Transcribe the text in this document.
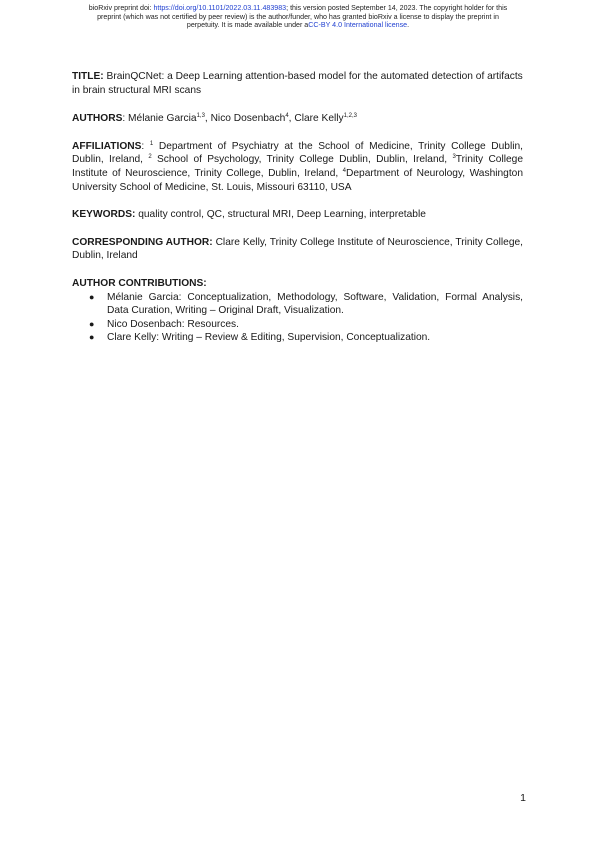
bioRxiv preprint doi: https://doi.org/10.1101/2022.03.11.483983; this version posted September 14, 2023. The copyright holder for this
preprint (which was not certified by peer review) is the author/funder, who has granted bioRxiv a license to display the preprint in
perpetuity. It is made available under aCC-BY 4.0 International license.

TITLE: BrainQCNet: a Deep Learning attention-based model for the automated detection of artifacts in brain structural MRI scans

AUTHORS: Mélanie Garcia$^{1,3}$, Nico Dosenbach$^4$, Clare Kelly$^{1,2,3}$

AFFILIATIONS: $^1$ Department of Psychiatry at the School of Medicine, Trinity College Dublin, Dublin, Ireland, $^2$ School of Psychology, Trinity College Dublin, Dublin, Ireland, $^3$Trinity College Institute of Neuroscience, Trinity College, Dublin, Ireland, $^4$Department of Neurology, Washington University School of Medicine, St. Louis, Missouri 63110, USA

KEYWORDS: quality control, QC, structural MRI, Deep Learning, interpretable

CORRESPONDING AUTHOR: Clare Kelly, Trinity College Institute of Neuroscience, Trinity College, Dublin, Ireland

AUTHOR CONTRIBUTIONS:

● Mélanie Garcia: Conceptualization, Methodology, Software, Validation, Formal Analysis, Data Curation, Writing – Original Draft, Visualization.
● Nico Dosenbach: Resources.
● Clare Kelly: Writing – Review & Editing, Supervision, Conceptualization.
1
